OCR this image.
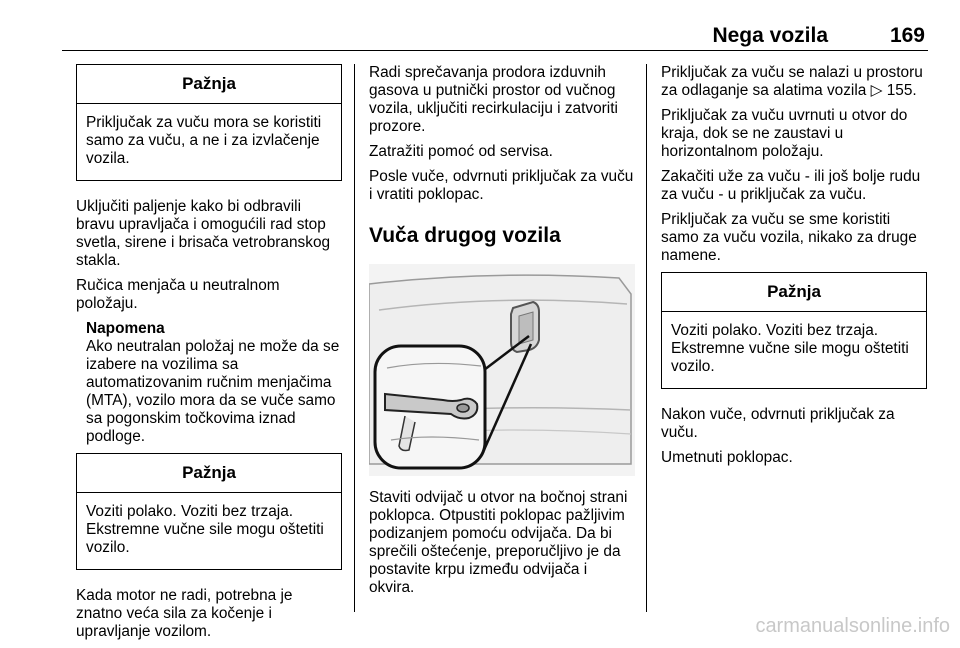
Nega vozila	169
Pažnja
Priključak za vuču mora se koristiti samo za vuču, a ne i za izvlačenje vozila.

Uključiti paljenje kako bi odbravili bravu upravljača i omogućili rad stop svetla, sirene i brisača vetrobranskog stakla.

Ručica menjača u neutralnom položaju.

Napomena
Ako neutralan položaj ne može da se izabere na vozilima sa automatizovanim ručnim menjačima (MTA), vozilo mora da se vuče samo sa pogonskim točkovima iznad podloge.
Pažnja
Voziti polako. Voziti bez trzaja. Ekstremne vučne sile mogu oštetiti vozilo.

Kada motor ne radi, potrebna je znatno veća sila za kočenje i upravljanje vozilom.

Radi sprečavanja prodora izduvnih gasova u putnički prostor od vučnog vozila, uključiti recirkulaciju i zatvoriti prozore.

Zatražiti pomoć od servisa.

Posle vuče, odvrnuti priključak za vuču i vratiti poklopac.

Vuča drugog vozila

Staviti odvijač u otvor na bočnoj strani poklopca. Otpustiti poklopac pažljivim podizanjem pomoću odvijača. Da bi sprečili oštećenje, preporučljivo je da postavite krpu između odvijača i okvira.

Priključak za vuču se nalazi u prostoru za odlaganje sa alatima vozila ▷ 155.

Priključak za vuču uvrnuti u otvor do kraja, dok se ne zaustavi u horizontalnom položaju.

Zakačiti uže za vuču - ili još bolje rudu za vuču - u priključak za vuču.

Priključak za vuču se sme koristiti samo za vuču vozila, nikako za druge namene.

Pažnja
Voziti polako. Voziti bez trzaja. Ekstremne vučne sile mogu oštetiti vozilo.

Nakon vuče, odvrnuti priključak za vuču.

Umetnuti poklopac.

carmanualsonline.info
